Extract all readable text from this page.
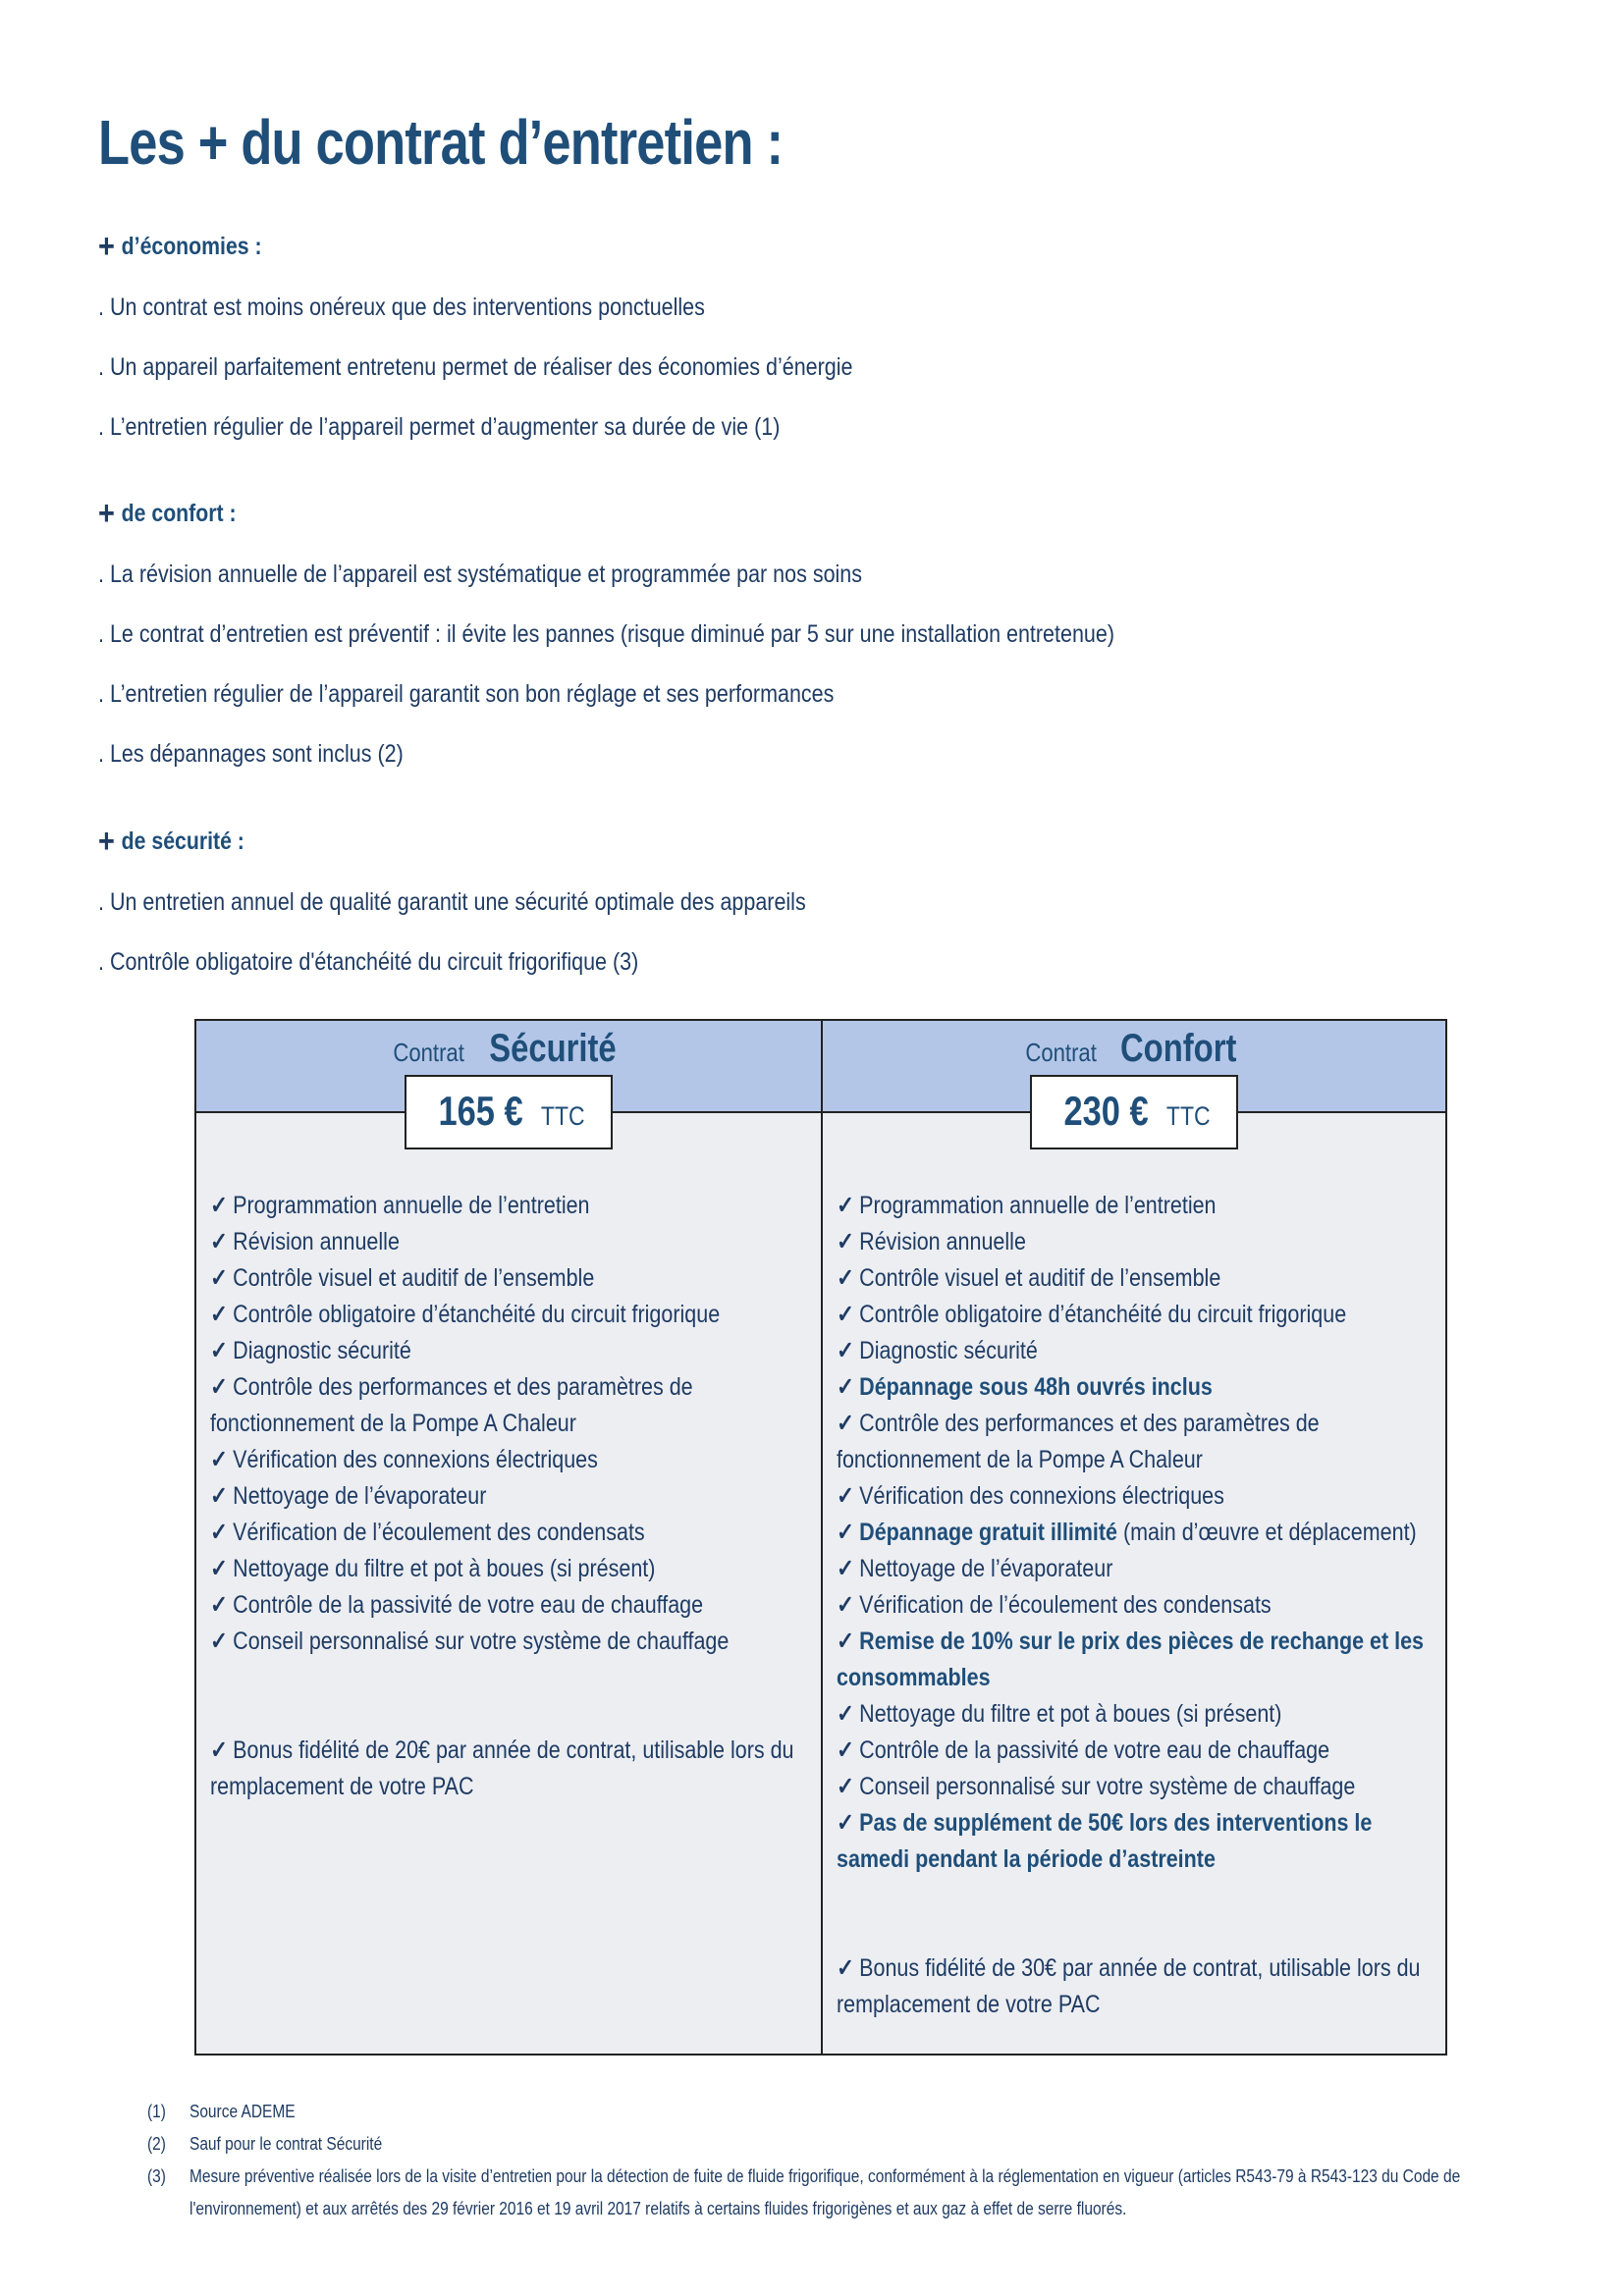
Les + du contrat d’entretien :
+ d’économies :

. Un contrat est moins onéreux que des interventions ponctuelles

. Un appareil parfaitement entretenu permet de réaliser des économies d’énergie

. L’entretien régulier de l’appareil permet d’augmenter sa durée de vie (1)

+ de confort :

. La révision annuelle de l’appareil est systématique et programmée par nos soins

. Le contrat d’entretien est préventif : il évite les pannes (risque diminué par 5 sur une installation entretenue)

. L’entretien régulier de l’appareil garantit son bon réglage et ses performances

. Les dépannages sont inclus (2)

+ de sécurité :

. Un entretien annuel de qualité garantit une sécurité optimale des appareils

. Contrôle obligatoire d'étanchéité du circuit frigorifique (3)

Contrat Sécurité
165 € TTC
✓ Programmation annuelle de l’entretien
✓ Révision annuelle
✓ Contrôle visuel et auditif de l’ensemble
✓ Contrôle obligatoire d’étanchéité du circuit frigorique
✓ Diagnostic sécurité
✓ Contrôle des performances et des paramètres de fonctionnement de la Pompe A Chaleur
✓ Vérification des connexions électriques
✓ Nettoyage de l’évaporateur
✓ Vérification de l’écoulement des condensats
✓ Nettoyage du filtre et pot à boues (si présent)
✓ Contrôle de la passivité de votre eau de chauffage
✓ Conseil personnalisé sur votre système de chauffage
✓ Bonus fidélité de 20€ par année de contrat, utilisable lors du remplacement de votre PAC
Contrat Confort
230 € TTC
✓ Programmation annuelle de l’entretien
✓ Révision annuelle
✓ Contrôle visuel et auditif de l’ensemble
✓ Contrôle obligatoire d’étanchéité du circuit frigorique
✓ Diagnostic sécurité
✓ Dépannage sous 48h ouvrés inclus
✓ Contrôle des performances et des paramètres de fonctionnement de la Pompe A Chaleur
✓ Vérification des connexions électriques
✓ Dépannage gratuit illimité (main d’œuvre et déplacement)
✓ Nettoyage de l’évaporateur
✓ Vérification de l’écoulement des condensats
✓ Remise de 10% sur le prix des pièces de rechange et les consommables
✓ Nettoyage du filtre et pot à boues (si présent)
✓ Contrôle de la passivité de votre eau de chauffage
✓ Conseil personnalisé sur votre système de chauffage
✓ Pas de supplément de 50€ lors des interventions le samedi pendant la période d’astreinte
✓ Bonus fidélité de 30€ par année de contrat, utilisable lors du remplacement de votre PAC
(1)	Source ADEME
(2)	Sauf pour le contrat Sécurité
(3)	Mesure préventive réalisée lors de la visite d’entretien pour la détection de fuite de fluide frigorifique, conformément à la réglementation en vigueur (articles R543-79 à R543-123 du Code de l'environnement) et aux arrêtés des 29 février 2016 et 19 avril 2017 relatifs à certains fluides frigorigènes et aux gaz à effet de serre fluorés.
